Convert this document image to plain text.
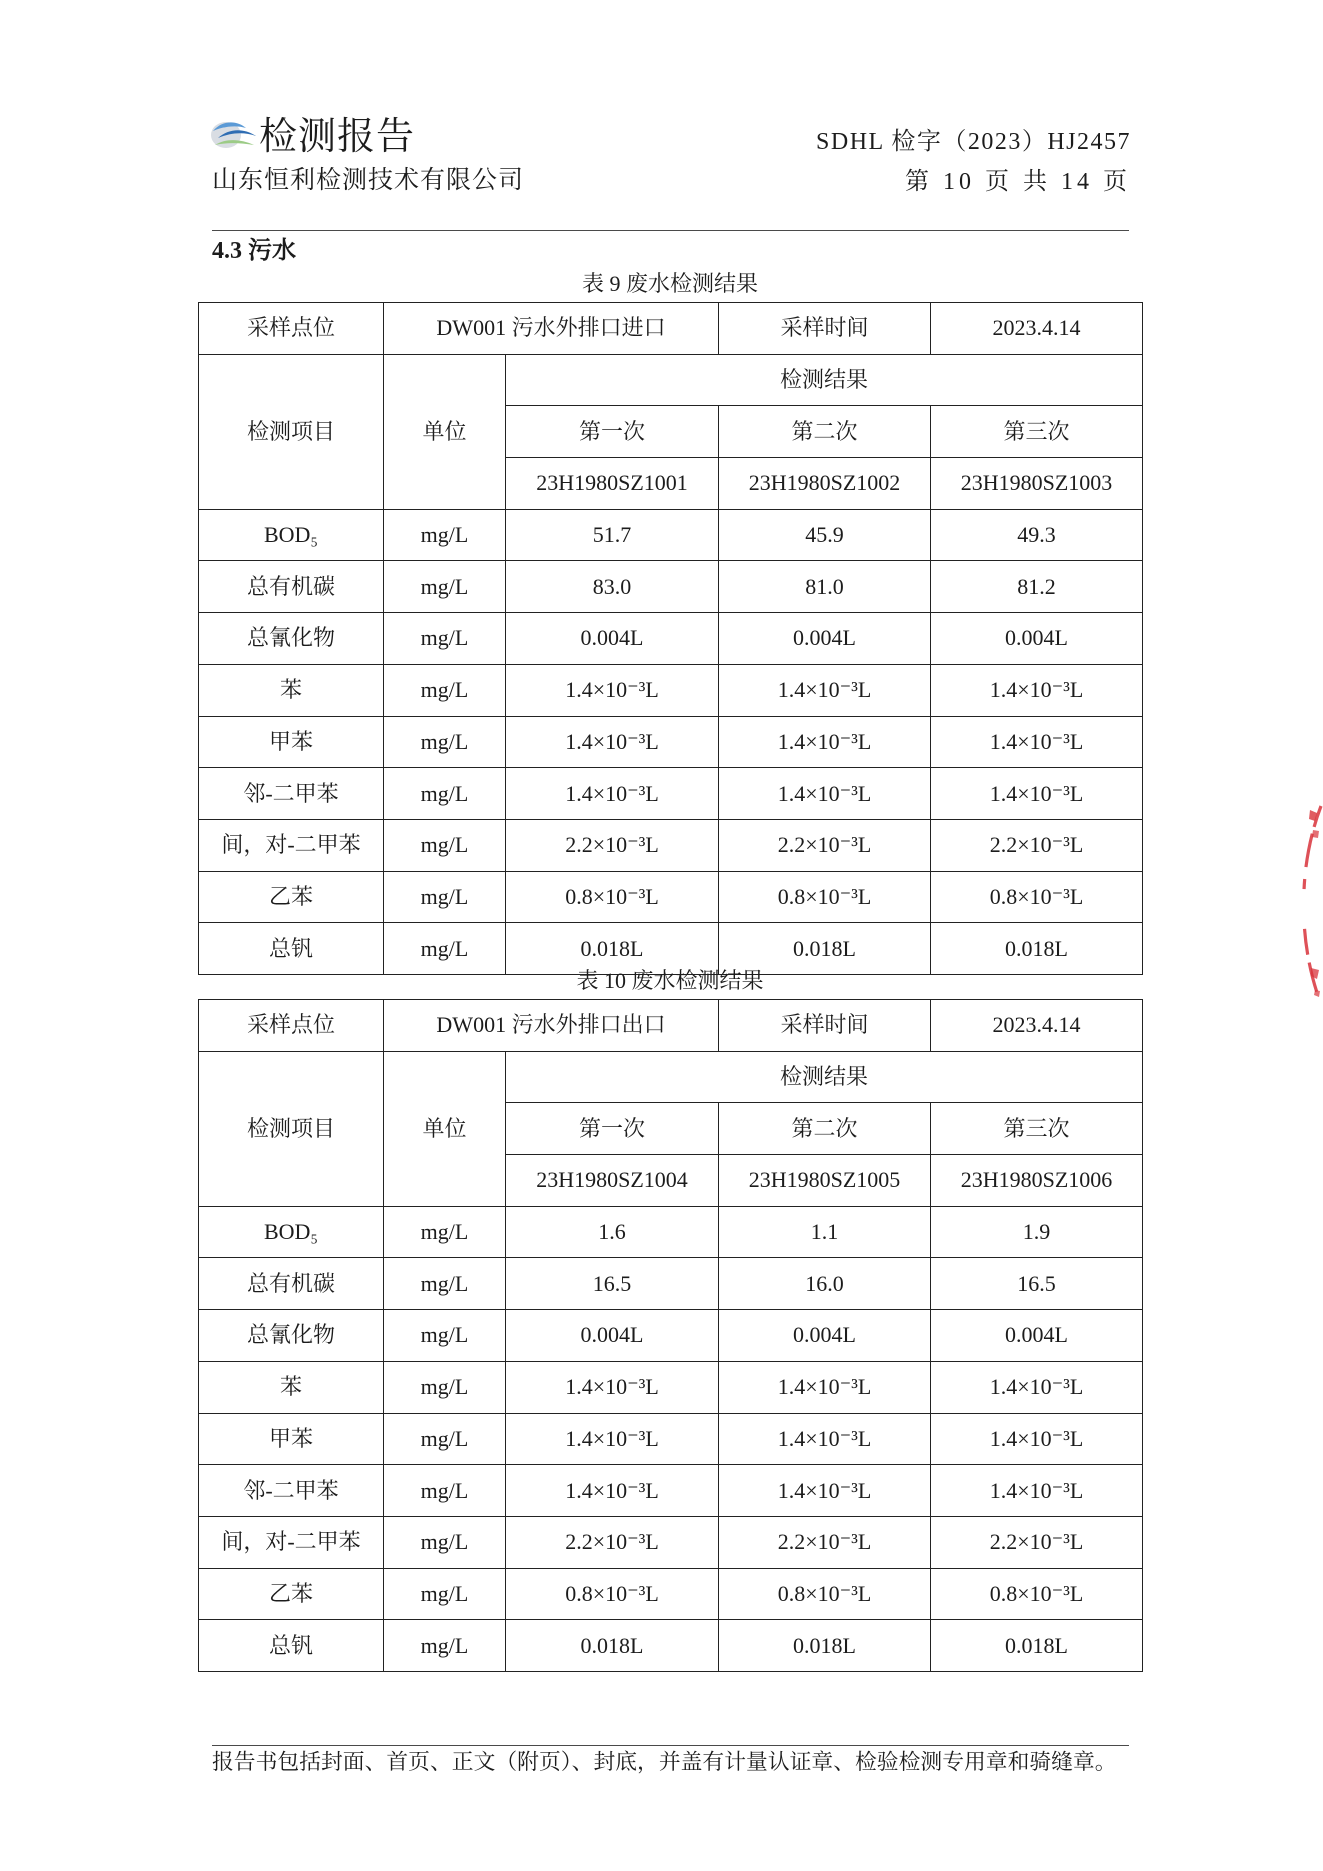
检测报告
山东恒利检测技术有限公司
SDHL 检字（2023）HJ2457
第 10 页 共 14 页
4.3 污水
表 9 废水检测结果
采样点位	DW001 污水外排口进口		采样时间	2023.4.14
检测项目	单位	检测结果		
		第一次	第二次	第三次
		23H1980SZ1001	23H1980SZ1002	23H1980SZ1003
BOD₅	mg/L	51.7	45.9	49.3
总有机碳	mg/L	83.0	81.0	81.2
总氰化物	mg/L	0.004L	0.004L	0.004L
苯	mg/L	1.4×10⁻³L	1.4×10⁻³L	1.4×10⁻³L
甲苯	mg/L	1.4×10⁻³L	1.4×10⁻³L	1.4×10⁻³L
邻-二甲苯	mg/L	1.4×10⁻³L	1.4×10⁻³L	1.4×10⁻³L
间，对-二甲苯	mg/L	2.2×10⁻³L	2.2×10⁻³L	2.2×10⁻³L
乙苯	mg/L	0.8×10⁻³L	0.8×10⁻³L	0.8×10⁻³L
总钒	mg/L	0.018L	0.018L	0.018L
表 10 废水检测结果
采样点位	DW001 污水外排口出口		采样时间	2023.4.14
检测项目	单位	检测结果		
		第一次	第二次	第三次
		23H1980SZ1004	23H1980SZ1005	23H1980SZ1006
BOD₅	mg/L	1.6	1.1	1.9
总有机碳	mg/L	16.5	16.0	16.5
总氰化物	mg/L	0.004L	0.004L	0.004L
苯	mg/L	1.4×10⁻³L	1.4×10⁻³L	1.4×10⁻³L
甲苯	mg/L	1.4×10⁻³L	1.4×10⁻³L	1.4×10⁻³L
邻-二甲苯	mg/L	1.4×10⁻³L	1.4×10⁻³L	1.4×10⁻³L
间，对-二甲苯	mg/L	2.2×10⁻³L	2.2×10⁻³L	2.2×10⁻³L
乙苯	mg/L	0.8×10⁻³L	0.8×10⁻³L	0.8×10⁻³L
总钒	mg/L	0.018L	0.018L	0.018L
报告书包括封面、首页、正文（附页）、封底，并盖有计量认证章、检验检测专用章和骑缝章。
